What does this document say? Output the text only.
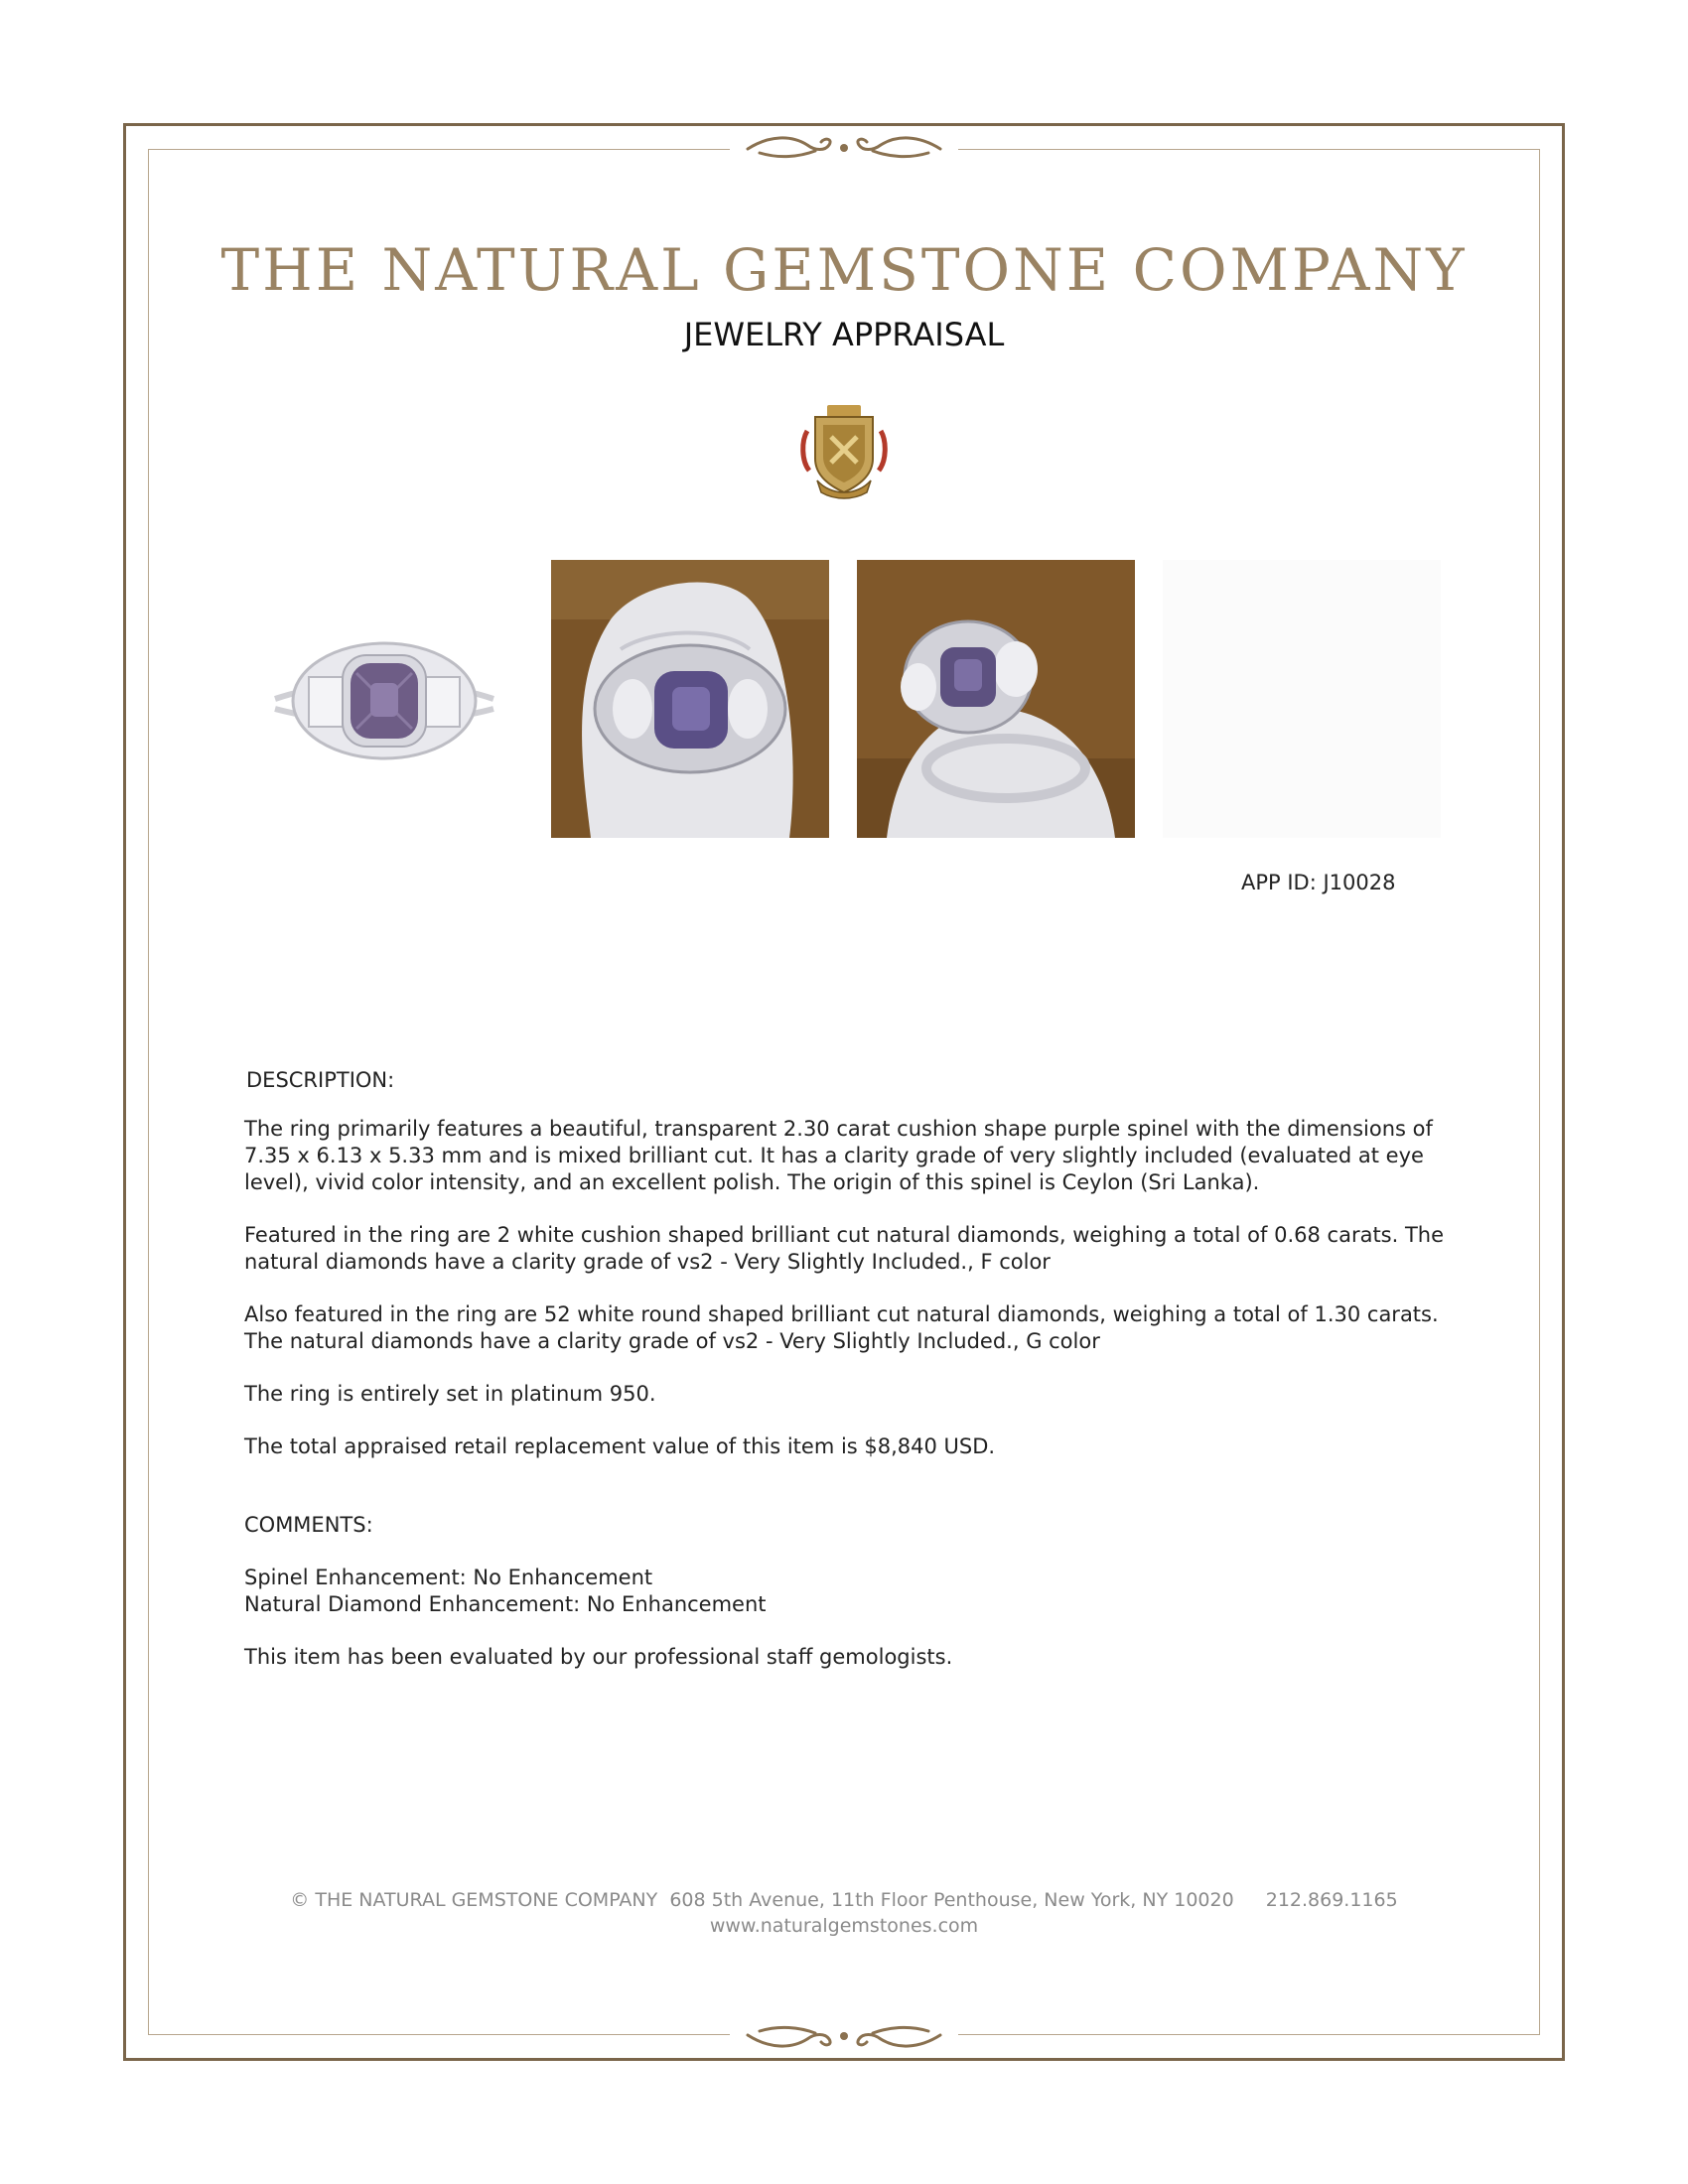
THE NATURAL GEMSTONE COMPANY
JEWELRY APPRAISAL
APP ID: J10028
DESCRIPTION:

The ring primarily features a beautiful, transparent 2.30 carat cushion shape purple spinel with the dimensions of 7.35 x 6.13 x 5.33 mm and is mixed brilliant cut. It has a clarity grade of very slightly included (evaluated at eye level), vivid color intensity, and an excellent polish. The origin of this spinel is Ceylon (Sri Lanka).

Featured in the ring are 2 white cushion shaped brilliant cut natural diamonds, weighing a total of 0.68 carats. The natural diamonds have a clarity grade of vs2 - Very Slightly Included., F color

Also featured in the ring are 52 white round shaped brilliant cut natural diamonds, weighing a total of 1.30 carats. The natural diamonds have a clarity grade of vs2 - Very Slightly Included., G color

The ring is entirely set in platinum 950.

The total appraised retail replacement value of this item is $8,840 USD.

COMMENTS:

Spinel Enhancement: No Enhancement

Natural Diamond Enhancement: No Enhancement

This item has been evaluated by our professional staff gemologists.

© THE NATURAL GEMSTONE COMPANY 608 5th Avenue, 11th Floor Penthouse, New York, NY 10020 212.869.1165
www.naturalgemstones.com
